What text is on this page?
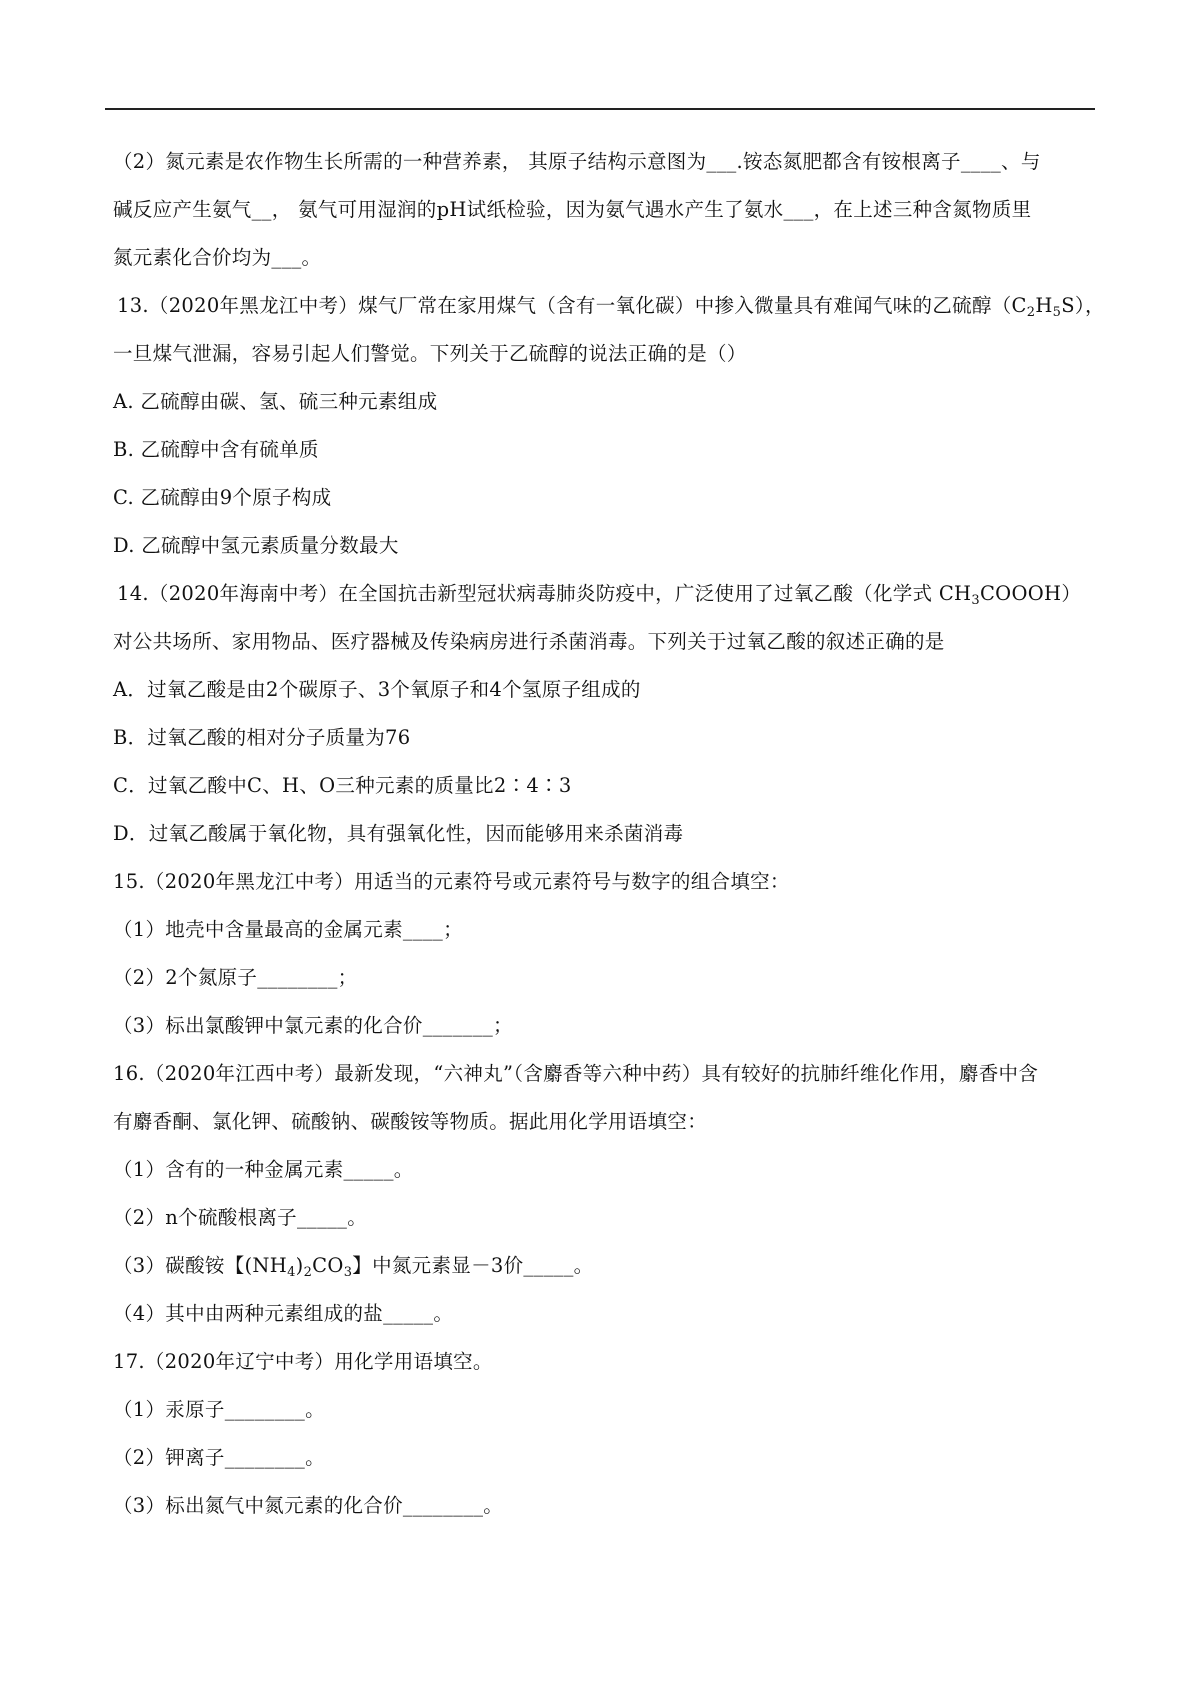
（2）氮元素是农作物生长所需的一种营养素， 其原子结构示意图为___.铵态氮肥都含有铵根离子____、与
碱反应产生氨气__， 氨气可用湿润的pH试纸检验，因为氨气遇水产生了氨水___，在上述三种含氮物质里
氮元素化合价均为___。
13.（2020年黑龙江中考）煤气厂常在家用煤气（含有一氧化碳）中掺入微量具有难闻气味的乙硫醇$(C_2H_5S)$，
一旦煤气泄漏，容易引起人们警觉。下列关于乙硫醇的说法正确的是（）
A. 乙硫醇由碳、氢、硫三种元素组成
B. 乙硫醇中含有硫单质
C. 乙硫醇由9个原子构成
D. 乙硫醇中氢元素质量分数最大
14.（2020年海南中考）在全国抗击新型冠状病毒肺炎防疫中，广泛使用了过氧乙酸（化学式 $CH_3COOOH$）
对公共场所、家用物品、医疗器械及传染病房进行杀菌消毒。下列关于过氧乙酸的叙述正确的是
A．过氧乙酸是由2个碳原子、3个氧原子和4个氢原子组成的
B．过氧乙酸的相对分子质量为76
C．过氧乙酸中C、H、O三种元素的质量比2∶4∶3
D．过氧乙酸属于氧化物，具有强氧化性，因而能够用来杀菌消毒
15.（2020年黑龙江中考）用适当的元素符号或元素符号与数字的组合填空：
（1）地壳中含量最高的金属元素____；
（2）2个氮原子________；
（3）标出氯酸钾中氯元素的化合价_______；
16.（2020年江西中考）最新发现，“六神丸”（含麝香等六种中药）具有较好的抗肺纤维化作用，麝香中含
有麝香酮、氯化钾、硫酸钠、碳酸铵等物质。据此用化学用语填空：
（1）含有的一种金属元素_____。
（2）n个硫酸根离子_____。
（3）碳酸铵【$(NH_4)_2CO_3$】中氮元素显－3价_____。
（4）其中由两种元素组成的盐_____。
17.（2020年辽宁中考）用化学用语填空。
（1）汞原子________。
（2）钾离子________。
（3）标出氮气中氮元素的化合价________。
